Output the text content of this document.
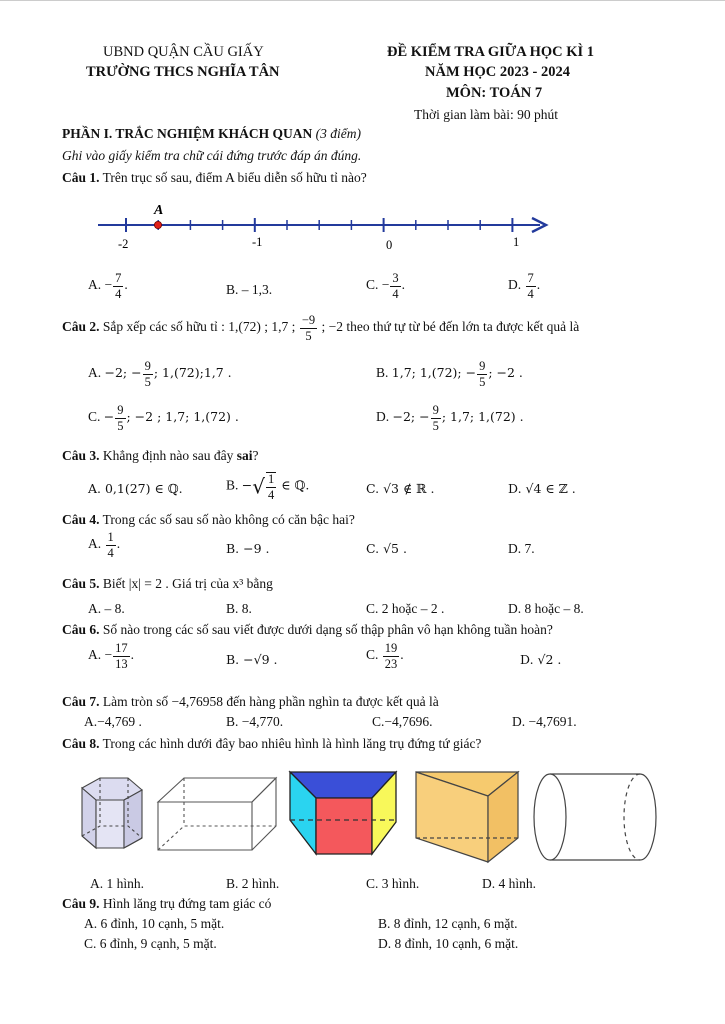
UBND QUẬN CẦU GIẤY
TRƯỜNG THCS NGHĨA TÂN
ĐỀ KIỂM TRA GIỮA HỌC KÌ 1
NĂM HỌC 2023 - 2024
MÔN: TOÁN 7
Thời gian làm bài: 90 phút
PHẦN I. TRẮC NGHIỆM KHÁCH QUAN (3 điểm)
Ghi vào giấy kiểm tra chữ cái đứng trước đáp án đúng.
Câu 1. Trên trục số sau, điểm A biểu diễn số hữu tỉ nào?
A
-2	-1	0	1
A. − $\frac{7}{4}$ .	B. – 1,3.	C. − $\frac{3}{4}$ .	D. $\frac{7}{4}$ .
Câu 2. Sắp xếp các số hữu tỉ : 1,(72) ; 1,7 ; $\frac{-9}{5}$ ; −2 theo thứ tự từ bé đến lớn ta được kết quả là
A. −2; − $\frac{9}{5}$ ; 1,(72);1,7 .	B. 1,7; 1,(72); − $\frac{9}{5}$ ; −2 .
C. − $\frac{9}{5}$ ; −2 ; 1,7; 1,(72) .	D. −2; − $\frac{9}{5}$ ; 1,7; 1,(72) .
Câu 3. Khẳng định nào sau đây sai?
A. 0,1(27) ∈ ℚ.	B. −√ $\frac{1}{4}$ ∈ ℚ.	C. √3 ∉ ℝ .	D. √4 ∈ ℤ .
Câu 4. Trong các số sau số nào không có căn bậc hai?
A. $\frac{1}{4}$ .	B. −9 .	C. √5 .	D. 7.
Câu 5. Biết |x| = 2 . Giá trị của x³ bằng
A. – 8.	B. 8.	C. 2 hoặc – 2 .	D. 8 hoặc – 8.
Câu 6. Số nào trong các số sau viết được dưới dạng số thập phân vô hạn không tuần hoàn?
A. − $\frac{17}{13}$ .	B. −√9 .	C. $\frac{19}{23}$ .	D. √2 .
Câu 7. Làm tròn số −4,76958 đến hàng phần nghìn ta được kết quả là
A.−4,769 .	B. −4,770.	C.−4,7696.	D. −4,7691.
Câu 8. Trong các hình dưới đây bao nhiêu hình là hình lăng trụ đứng tứ giác?
A. 1 hình.	B. 2 hình.	C. 3 hình.	D. 4 hình.
Câu 9. Hình lăng trụ đứng tam giác có
A. 6 đỉnh, 10 cạnh, 5 mặt.	B. 8 đỉnh, 12 cạnh, 6 mặt.
C. 6 đỉnh, 9 cạnh, 5 mặt.	D. 8 đỉnh, 10 cạnh, 6 mặt.
